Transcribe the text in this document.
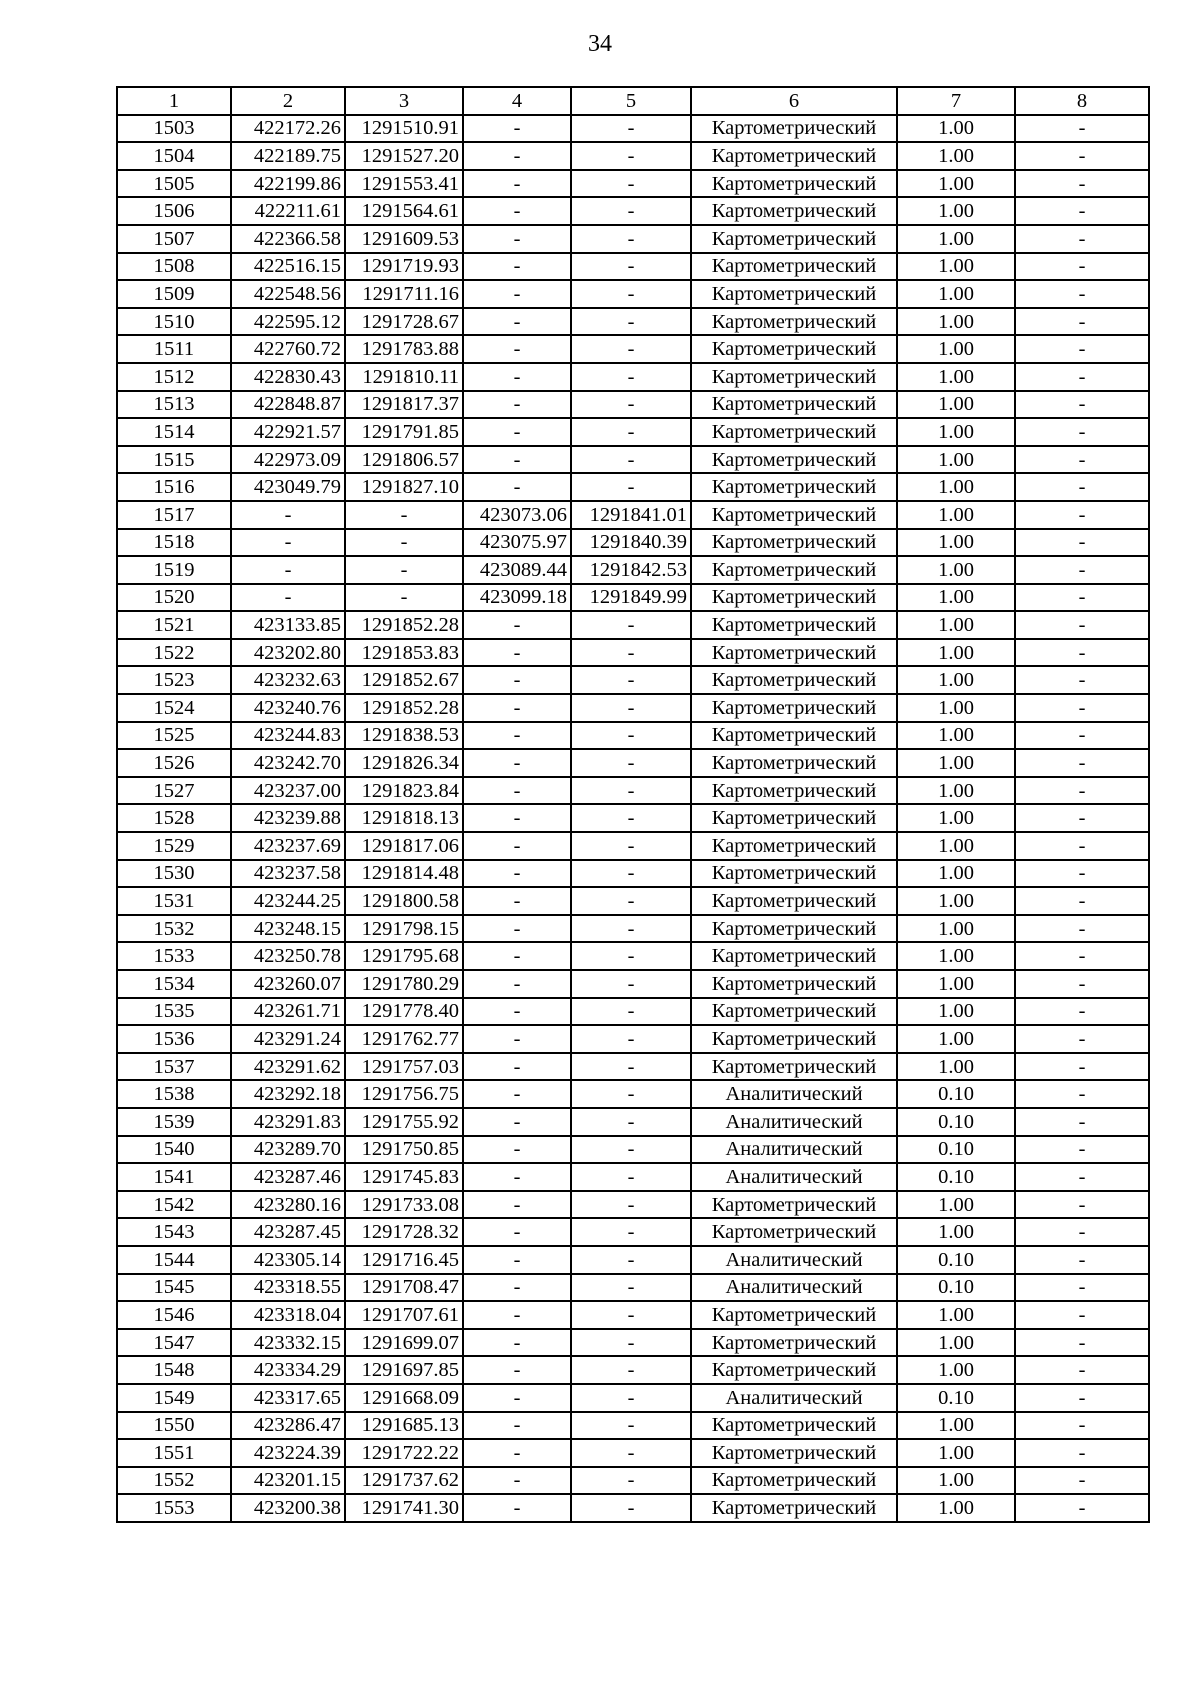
34
1	2	3	4	5	6	7	8
1503	422172.26	1291510.91	-	-	Картометрический	1.00	-
1504	422189.75	1291527.20	-	-	Картометрический	1.00	-
1505	422199.86	1291553.41	-	-	Картометрический	1.00	-
1506	422211.61	1291564.61	-	-	Картометрический	1.00	-
1507	422366.58	1291609.53	-	-	Картометрический	1.00	-
1508	422516.15	1291719.93	-	-	Картометрический	1.00	-
1509	422548.56	1291711.16	-	-	Картометрический	1.00	-
1510	422595.12	1291728.67	-	-	Картометрический	1.00	-
1511	422760.72	1291783.88	-	-	Картометрический	1.00	-
1512	422830.43	1291810.11	-	-	Картометрический	1.00	-
1513	422848.87	1291817.37	-	-	Картометрический	1.00	-
1514	422921.57	1291791.85	-	-	Картометрический	1.00	-
1515	422973.09	1291806.57	-	-	Картометрический	1.00	-
1516	423049.79	1291827.10	-	-	Картометрический	1.00	-
1517	-	-	423073.06	1291841.01	Картометрический	1.00	-
1518	-	-	423075.97	1291840.39	Картометрический	1.00	-
1519	-	-	423089.44	1291842.53	Картометрический	1.00	-
1520	-	-	423099.18	1291849.99	Картометрический	1.00	-
1521	423133.85	1291852.28	-	-	Картометрический	1.00	-
1522	423202.80	1291853.83	-	-	Картометрический	1.00	-
1523	423232.63	1291852.67	-	-	Картометрический	1.00	-
1524	423240.76	1291852.28	-	-	Картометрический	1.00	-
1525	423244.83	1291838.53	-	-	Картометрический	1.00	-
1526	423242.70	1291826.34	-	-	Картометрический	1.00	-
1527	423237.00	1291823.84	-	-	Картометрический	1.00	-
1528	423239.88	1291818.13	-	-	Картометрический	1.00	-
1529	423237.69	1291817.06	-	-	Картометрический	1.00	-
1530	423237.58	1291814.48	-	-	Картометрический	1.00	-
1531	423244.25	1291800.58	-	-	Картометрический	1.00	-
1532	423248.15	1291798.15	-	-	Картометрический	1.00	-
1533	423250.78	1291795.68	-	-	Картометрический	1.00	-
1534	423260.07	1291780.29	-	-	Картометрический	1.00	-
1535	423261.71	1291778.40	-	-	Картометрический	1.00	-
1536	423291.24	1291762.77	-	-	Картометрический	1.00	-
1537	423291.62	1291757.03	-	-	Картометрический	1.00	-
1538	423292.18	1291756.75	-	-	Аналитический	0.10	-
1539	423291.83	1291755.92	-	-	Аналитический	0.10	-
1540	423289.70	1291750.85	-	-	Аналитический	0.10	-
1541	423287.46	1291745.83	-	-	Аналитический	0.10	-
1542	423280.16	1291733.08	-	-	Картометрический	1.00	-
1543	423287.45	1291728.32	-	-	Картометрический	1.00	-
1544	423305.14	1291716.45	-	-	Аналитический	0.10	-
1545	423318.55	1291708.47	-	-	Аналитический	0.10	-
1546	423318.04	1291707.61	-	-	Картометрический	1.00	-
1547	423332.15	1291699.07	-	-	Картометрический	1.00	-
1548	423334.29	1291697.85	-	-	Картометрический	1.00	-
1549	423317.65	1291668.09	-	-	Аналитический	0.10	-
1550	423286.47	1291685.13	-	-	Картометрический	1.00	-
1551	423224.39	1291722.22	-	-	Картометрический	1.00	-
1552	423201.15	1291737.62	-	-	Картометрический	1.00	-
1553	423200.38	1291741.30	-	-	Картометрический	1.00	-
